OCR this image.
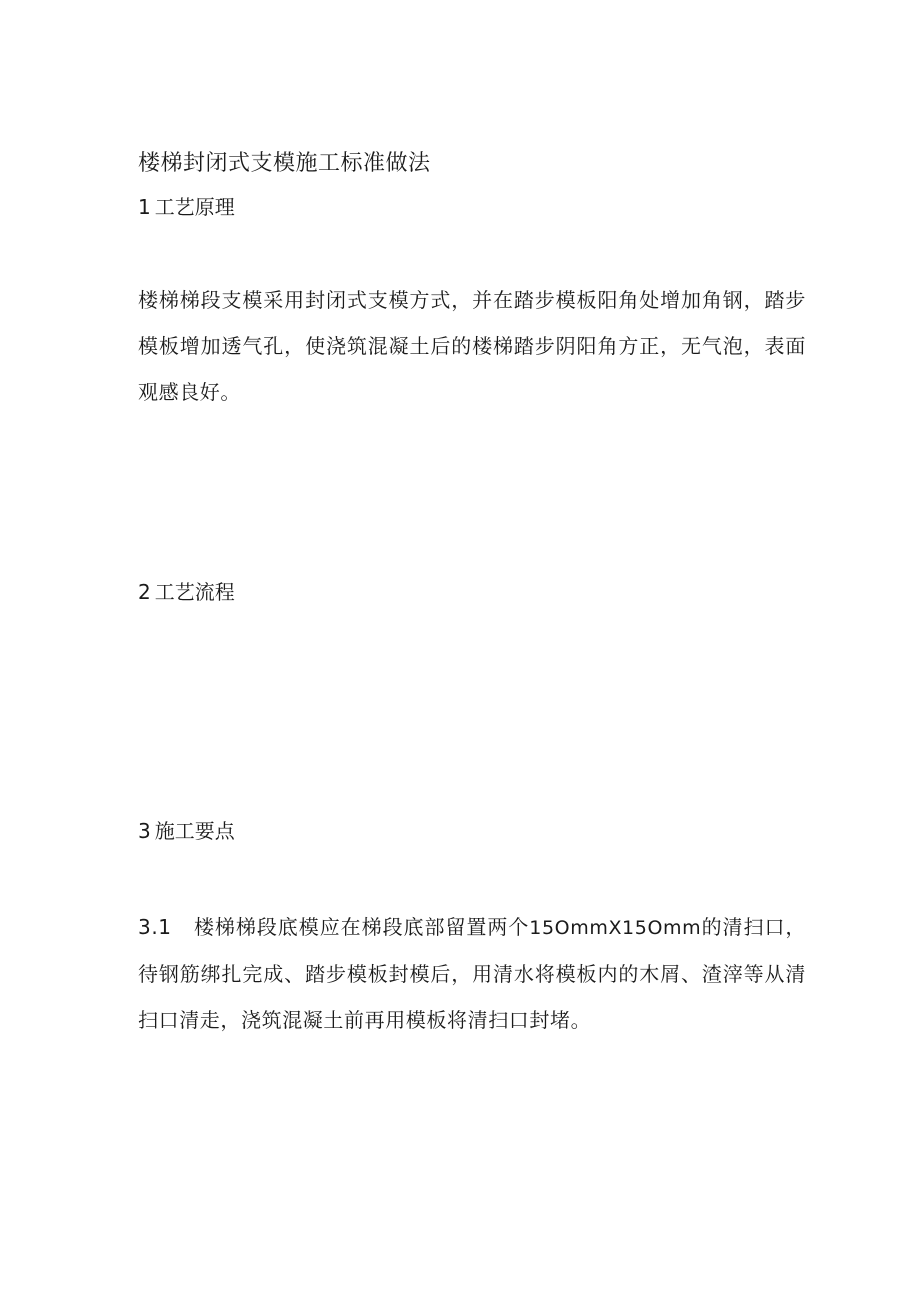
楼梯封闭式支模施工标准做法
1 工艺原理

楼梯梯段支模采用封闭式支模方式，并在踏步模板阳角处增加角钢，踏步模板增加透气孔，使浇筑混凝土后的楼梯踏步阴阳角方正，无气泡，表面观感良好。

2 工艺流程
3 施工要点

3.1 楼梯梯段底模应在梯段底部留置两个15OmmX15Omm的清扫口，待钢筋绑扎完成、踏步模板封模后，用清水将模板内的木屑、渣滓等从清扫口清走，浇筑混凝土前再用模板将清扫口封堵。
